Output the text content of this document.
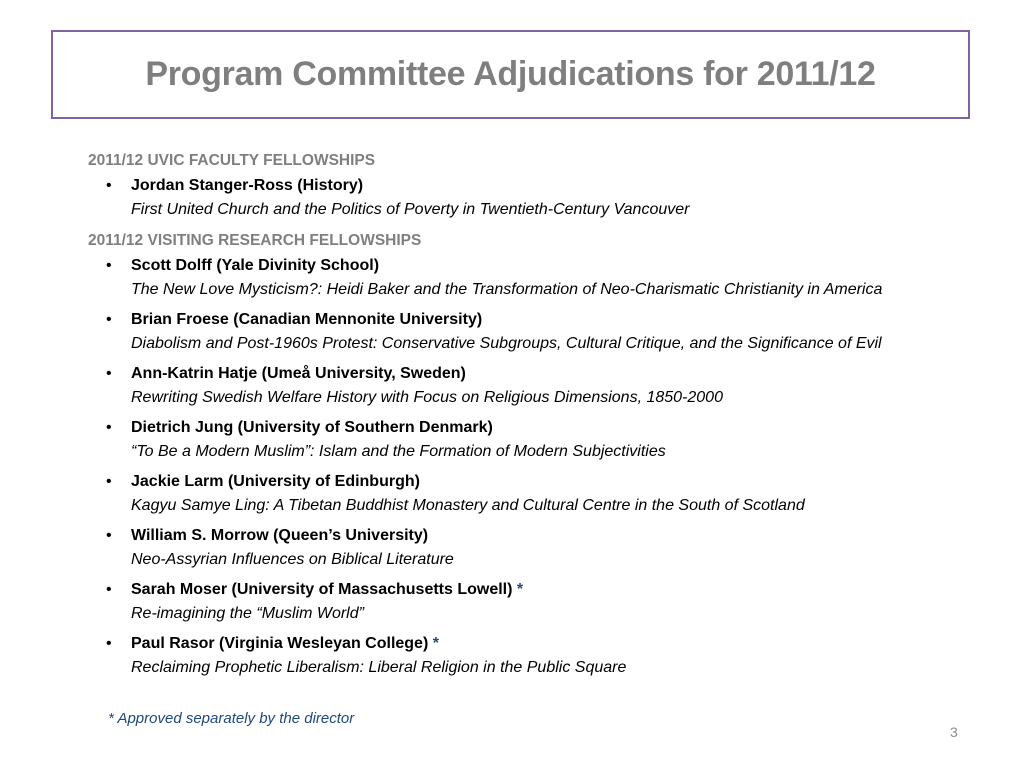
Program Committee Adjudications for 2011/12
2011/12 UVIC FACULTY FELLOWSHIPS
• Jordan Stanger-Ross (History)
First United Church and the Politics of Poverty in Twentieth-Century Vancouver
2011/12 VISITING RESEARCH FELLOWSHIPS
• Scott Dolff (Yale Divinity School)
The New Love Mysticism?: Heidi Baker and the Transformation of Neo-Charismatic Christianity in America
• Brian Froese (Canadian Mennonite University)
Diabolism and Post-1960s Protest: Conservative Subgroups, Cultural Critique, and the Significance of Evil
• Ann-Katrin Hatje (Umeå University, Sweden)
Rewriting Swedish Welfare History with Focus on Religious Dimensions, 1850-2000
• Dietrich Jung (University of Southern Denmark)
“To Be a Modern Muslim”: Islam and the Formation of Modern Subjectivities
• Jackie Larm (University of Edinburgh)
Kagyu Samye Ling: A Tibetan Buddhist Monastery and Cultural Centre in the South of Scotland
• William S. Morrow (Queen’s University)
Neo-Assyrian Influences on Biblical Literature
• Sarah Moser (University of Massachusetts Lowell) *
Re-imagining the “Muslim World”
• Paul Rasor (Virginia Wesleyan College) *
Reclaiming Prophetic Liberalism: Liberal Religion in the Public Square
* Approved separately by the director
3
